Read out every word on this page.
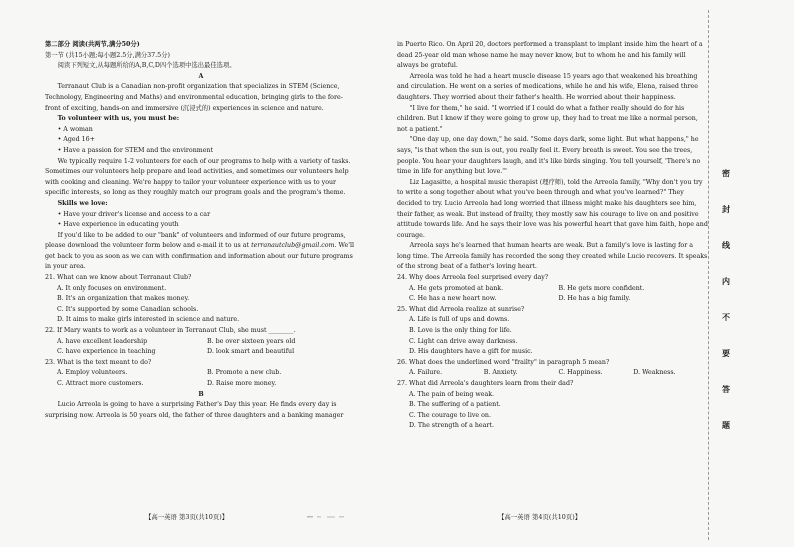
第二部分 阅读(共两节,满分50分)
第一节 (共15小题;每小题2.5分,满分37.5分)
阅读下列短文,从每题所给的A,B,C,D四个选项中选出最佳选项。
A

Terranaut Club is a Canadian non-profit organization that specializes in STEM (Science, Technology, Engineering and Maths) and environmental education, bringing girls to the fore-front of exciting, hands-on and immersive (沉浸式的) experiences in science and nature.

To volunteer with us, you must be:
• A woman
• Aged 16+
• Have a passion for STEM and the environment

We typically require 1-2 volunteers for each of our programs to help with a variety of tasks. Sometimes our volunteers help prepare and lead activities, and sometimes our volunteers help with cooking and cleaning. We're happy to tailor your volunteer experience with us to your specific interests, so long as they roughly match our program goals and the program's theme.

Skills we love:
• Have your driver's license and access to a car
• Have experience in educating youth

If you'd like to be added to our "bank" of volunteers and informed of our future programs, please download the volunteer form below and e-mail it to us at terranautclub@gmail.com. We'll get back to you as soon as we can with confirmation and information about our future programs in your area.

21. What can we know about Terranaut Club?
A. It only focuses on environment.
B. It's an organization that makes money.
C. It's supported by some Canadian schools.
D. It aims to make girls interested in science and nature.
22. If Mary wants to work as a volunteer in Terranaut Club, she must ________.
A. have excellent leadership	B. be over sixteen years old
C. have experience in teaching	D. look smart and beautiful
23. What is the text meant to do?
A. Employ volunteers.	B. Promote a new club.
C. Attract more customers.	D. Raise more money.
B

Lucio Arreola is going to have a surprising Father's Day this year. He finds every day is surprising now. Arreola is 50 years old, the father of three daughters and a banking manager

in Puerto Rico. On April 20, doctors performed a transplant to implant inside him the heart of a dead 25-year old man whose name he may never know, but to whom he and his family will always be grateful.

Arreola was told he had a heart muscle disease 15 years ago that weakened his breathing and circulation. He went on a series of medications, while he and his wife, Elena, raised three daughters. They worried about their father's health. He worried about their happiness.

"I live for them," he said. "I worried if I could do what a father really should do for his children. But I knew if they were going to grow up, they had to treat me like a normal person, not a patient."

"One day up, one day down," he said. "Some days dark, some light. But what happens," he says, "is that when the sun is out, you really feel it. Every breath is sweet. You see the trees, people. You hear your daughters laugh, and it's like birds singing. You tell yourself, 'There's no time in life for anything but love.'"

Liz Lagasitte, a hospital music therapist (理疗师), told the Arreola family, "Why don't you try to write a song together about what you've been through and what you've learned?" They decided to try. Lucio Arreola had long worried that illness might make his daughters see him, their father, as weak. But instead of frailty, they mostly saw his courage to live on and positive attitude towards life. And he says their love was his powerful heart that gave him faith, hope and courage.

Arreola says he's learned that human hearts are weak. But a family's love is lasting for a long time. The Arreola family has recorded the song they created while Lucio recovers. It speaks of the strong beat of a father's loving heart.

24. Why does Arreola feel surprised every day?
A. He gets promoted at bank.	B. He gets more confident.
C. He has a new heart now.	D. He has a big family.
25. What did Arreola realize at sunrise?
A. Life is full of ups and downs.
B. Love is the only thing for life.
C. Light can drive away darkness.
D. His daughters have a gift for music.
26. What does the underlined word "frailty" in paragraph 5 mean?
A. Failure.	B. Anxiety.	C. Happiness.	D. Weakness.
27. What did Arreola's daughters learn from their dad?
A. The pain of being weak.
B. The suffering of a patient.
C. The courage to live on.
D. The strength of a heart.
密
封
线
内
不
要
答
题
【高一英语 第3页(共10页)】	【高一英语 第4页(共10页)】
